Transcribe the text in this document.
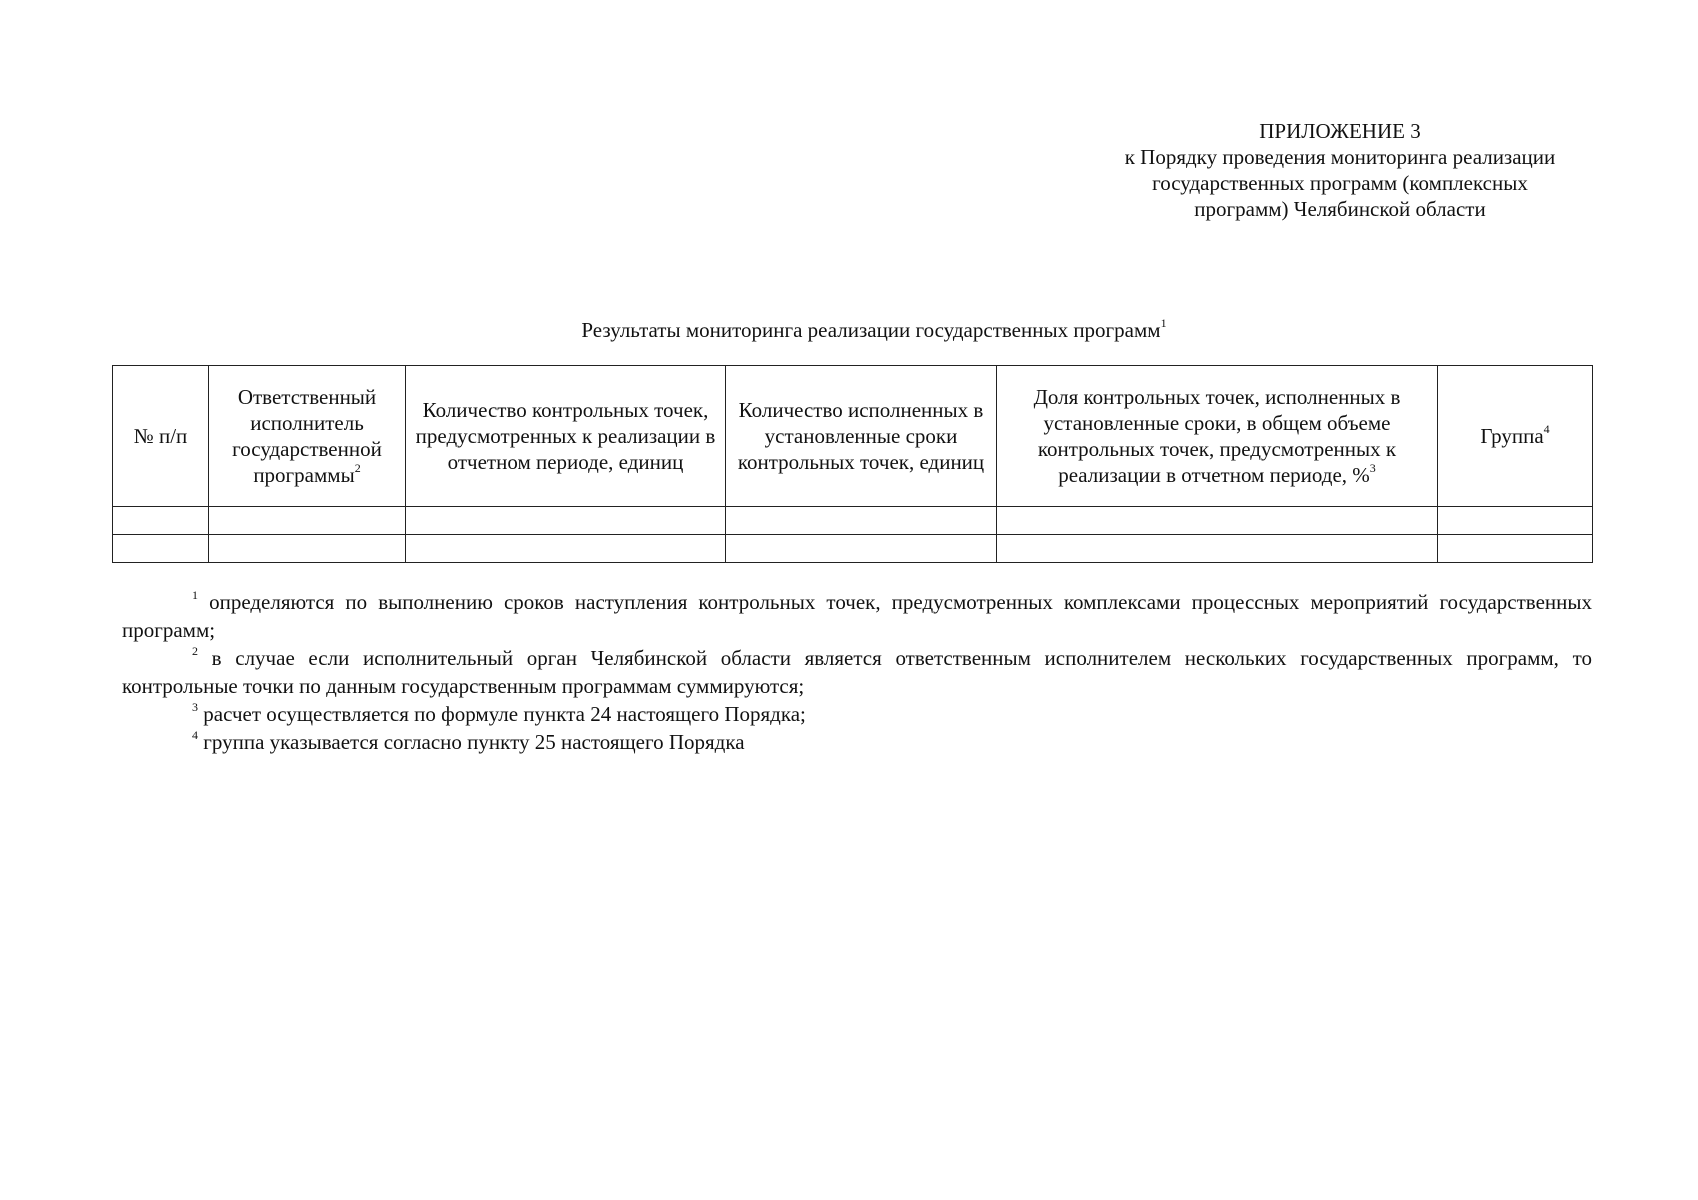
ПРИЛОЖЕНИЕ 3
к Порядку проведения мониторинга реализации
государственных программ (комплексных
программ) Челябинской области
Результаты мониторинга реализации государственных программ$^1$
№ п/п	Ответственный исполнитель государственной программы$^2$	Количество контрольных точек, предусмотренных к реализации в отчетном периоде, единиц	Количество исполненных в установленные сроки контрольных точек, единиц	Доля контрольных точек, исполненных в установленные сроки, в общем объеме контрольных точек, предусмотренных к реализации в отчетном периоде, %$^3$	Группа$^4$

$^1$ определяются по выполнению сроков наступления контрольных точек, предусмотренных комплексами процессных мероприятий государственных программ;

$^2$ в случае если исполнительный орган Челябинской области является ответственным исполнителем нескольких государственных программ, то контрольные точки по данным государственным программам суммируются;

$^3$ расчет осуществляется по формуле пункта 24 настоящего Порядка;

$^4$ группа указывается согласно пункту 25 настоящего Порядка
